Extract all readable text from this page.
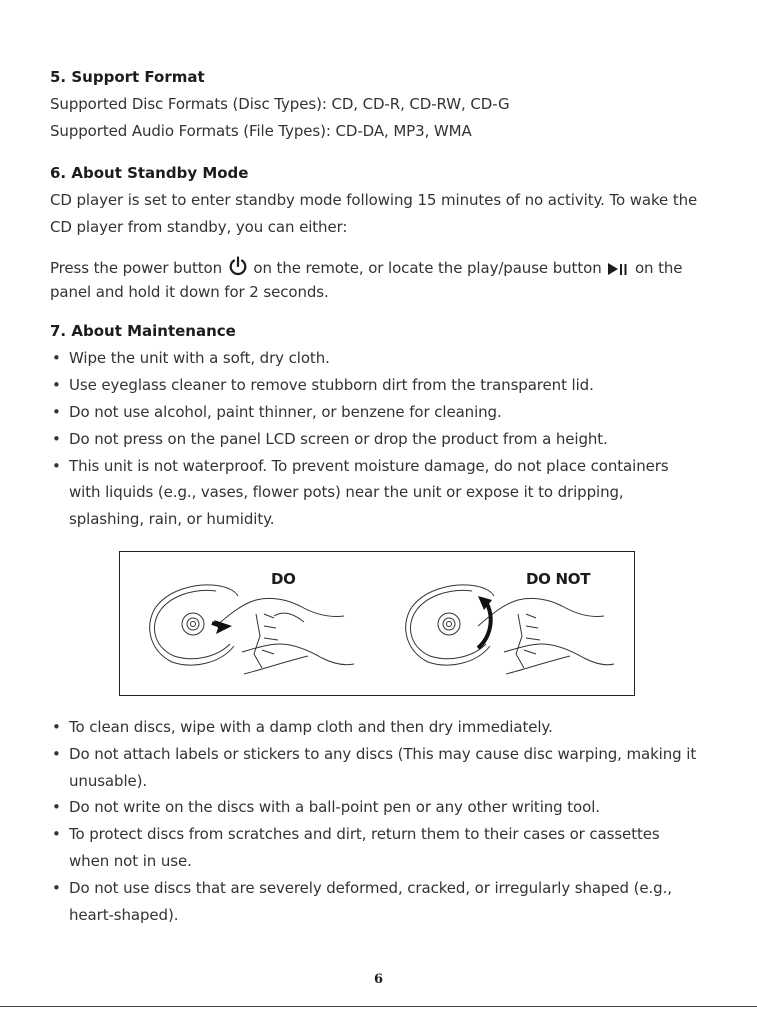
5. Support Format

Supported Disc Formats (Disc Types): CD, CD-R, CD-RW, CD-G

Supported Audio Formats (File Types): CD-DA, MP3, WMA

6. About Standby Mode

CD player is set to enter standby mode following 15 minutes of no activity. To wake the

CD player from standby, you can either:

Press the power button on the remote, or locate the play/pause button on the

panel and hold it down for 2 seconds.

7. About Maintenance
• Wipe the unit with a soft, dry cloth.

• Use eyeglass cleaner to remove stubborn dirt from the transparent lid.

• Do not use alcohol, paint thinner, or benzene for cleaning.

• Do not press on the panel LCD screen or drop the product from a height.

• This unit is not waterproof. To prevent moisture damage, do not place containers

with liquids (e.g., vases, flower pots) near the unit or expose it to dripping,

splashing, rain, or humidity.

DO	DO NOT
• To clean discs, wipe with a damp cloth and then dry immediately.

• Do not attach labels or stickers to any discs (This may cause disc warping, making it

unusable).

• Do not write on the discs with a ball-point pen or any other writing tool.

• To protect discs from scratches and dirt, return them to their cases or cassettes

when not in use.

• Do not use discs that are severely deformed, cracked, or irregularly shaped (e.g.,

heart-shaped).

6
